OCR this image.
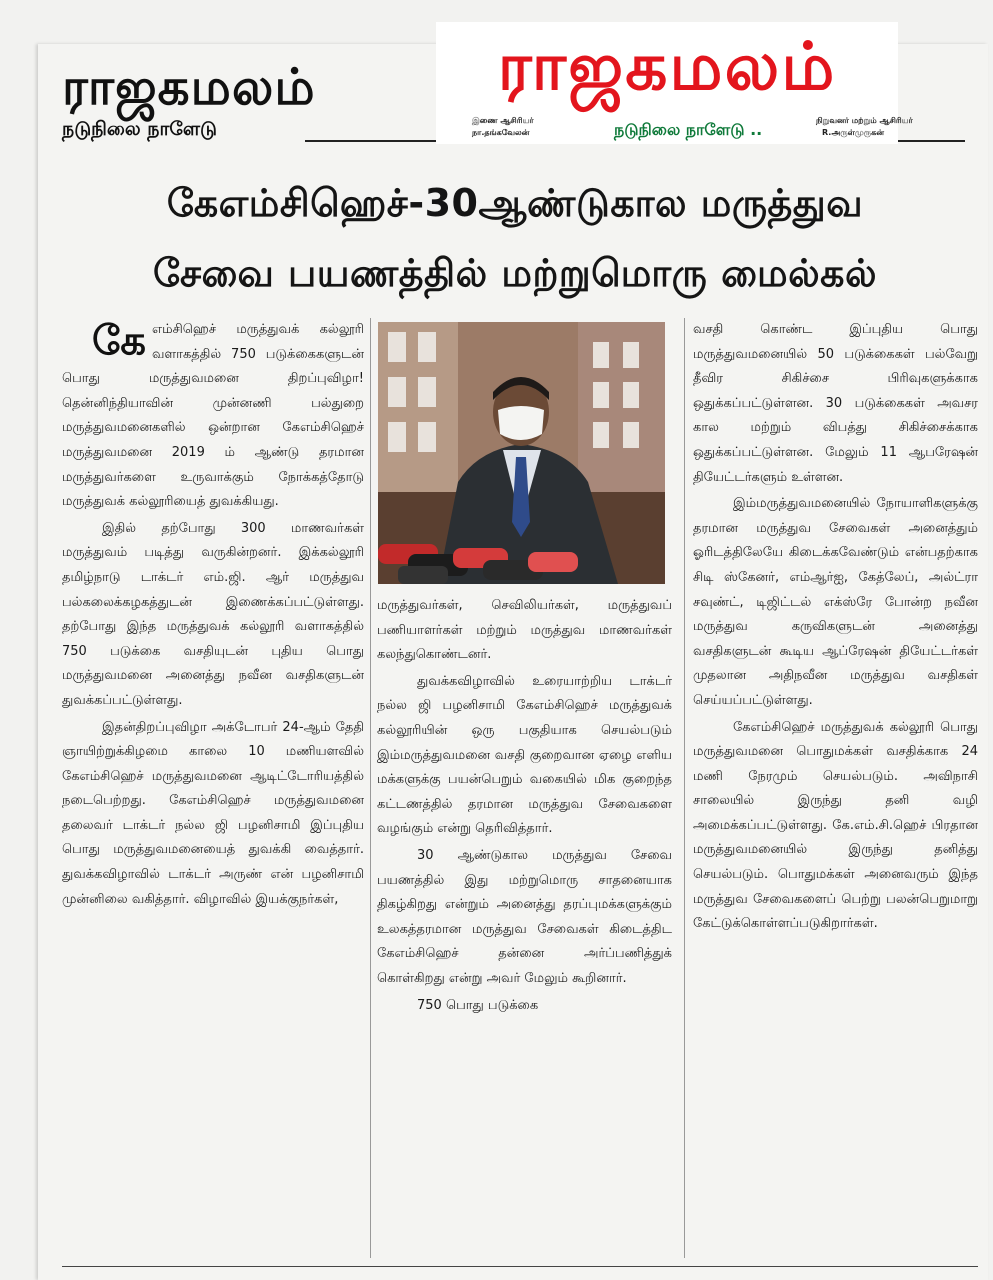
ராஜகமலம்
நடுநிலை நாளேடு
ராஜகமலம்
இணை ஆசிரியர்
நா.தங்கவேலன்	நடுநிலை நாளேடு ..	நிறுவனர் மற்றும் ஆசிரியர்
R.அருள்முருகன்
கேஎம்சிஹெச்-30ஆண்டுகால மருத்துவ
சேவை பயணத்தில் மற்றுமொரு மைல்கல்

கேஎம்சிஹெச் மருத்துவக் கல்லூரி வளாகத்தில் 750 படுக்கைகளுடன் பொது மருத்துவமனை திறப்புவிழா! தென்னிந்தியாவின் முன்னணி பல்துறை மருத்துவமனைகளில் ஒன்றான கேஎம்சிஹெச் மருத்துவமனை 2019 ம் ஆண்டு தரமான மருத்துவர்களை உருவாக்கும் நோக்கத்தோடு மருத்துவக் கல்லூரியைத் துவக்கியது.

இதில் தற்போது 300 மாணவர்கள் மருத்துவம் படித்து வருகின்றனர். இக்கல்லூரி தமிழ்நாடு டாக்டர் எம்.ஜி. ஆர் மருத்துவ பல்கலைக்கழகத்துடன் இணைக்கப்பட்டுள்ளது. தற்போது இந்த மருத்துவக் கல்லூரி வளாகத்தில் 750 படுக்கை வசதியுடன் புதிய பொது மருத்துவமனை அனைத்து நவீன வசதிகளுடன் துவக்கப்பட்டுள்ளது.

இதன்திறப்புவிழா அக்டோபர் 24-ஆம் தேதி ஞாயிற்றுக்கிழமை காலை 10 மணியளவில் கேஎம்சிஹெச் மருத்துவமனை ஆடிட்டோரியத்தில் நடைபெற்றது. கேஎம்சிஹெச் மருத்துவமனை தலைவர் டாக்டர் நல்ல ஜி பழனிசாமி இப்புதிய பொது மருத்துவமனையைத் துவக்கி வைத்தார். துவக்கவிழாவில் டாக்டர் அருண் என் பழனிசாமி முன்னிலை வகித்தார். விழாவில் இயக்குநர்கள்,

மருத்துவர்கள், செவிலியர்கள், மருத்துவப் பணியாளர்கள் மற்றும் மருத்துவ மாணவர்கள் கலந்துகொண்டனர்.

துவக்கவிழாவில் உரையாற்றிய டாக்டர் நல்ல ஜி பழனிசாமி கேஎம்சிஹெச் மருத்துவக் கல்லூரியின் ஒரு பகுதியாக செயல்படும் இம்மருத்துவமனை வசதி குறைவான ஏழை எளிய மக்களுக்கு பயன்பெறும் வகையில் மிக குறைந்த கட்டணத்தில் தரமான மருத்துவ சேவைகளை வழங்கும் என்று தெரிவித்தார்.

30 ஆண்டுகால மருத்துவ சேவை பயணத்தில் இது மற்றுமொரு சாதனையாக திகழ்கிறது என்றும் அனைத்து தரப்புமக்களுக்கும் உலகத்தரமான மருத்துவ சேவைகள் கிடைத்திட கேஎம்சிஹெச் தன்னை அர்ப்பணித்துக் கொள்கிறது என்று அவர் மேலும் கூறினார்.

750 பொது படுக்கை

வசதி கொண்ட இப்புதிய பொது மருத்துவமனையில் 50 படுக்கைகள் பல்வேறு தீவிர சிகிச்சை பிரிவுகளுக்காக ஒதுக்கப்பட்டுள்ளன. 30 படுக்கைகள் அவசர கால மற்றும் விபத்து சிகிச்சைக்காக ஒதுக்கப்பட்டுள்ளன. மேலும் 11 ஆபரேஷன் தியேட்டர்களும் உள்ளன.

இம்மருத்துவமனையில் நோயாளிகளுக்கு தரமான மருத்துவ சேவைகள் அனைத்தும் ஓரிடத்திலேயே கிடைக்கவேண்டும் என்பதற்காக சிடி ஸ்கேனர், எம்ஆர்ஐ, கேத்லேப், அல்ட்ரா சவுண்ட், டிஜிட்டல் எக்ஸ்ரே போன்ற நவீன மருத்துவ கருவிகளுடன் அனைத்து வசதிகளுடன் கூடிய ஆப்ரேஷன் தியேட்டர்கள் முதலான அதிநவீன மருத்துவ வசதிகள் செய்யப்பட்டுள்ளது.

கேஎம்சிஹெச் மருத்துவக் கல்லூரி பொது மருத்துவமனை பொதுமக்கள் வசதிக்காக 24 மணி நேரமும் செயல்படும். அவிநாசி சாலையில் இருந்து தனி வழி அமைக்கப்பட்டுள்ளது. கே.எம்.சி.ஹெச் பிரதான மருத்துவமனையில் இருந்து தனித்து செயல்படும். பொதுமக்கள் அனைவரும் இந்த மருத்துவ சேவைகளைப் பெற்று பலன்பெறுமாறு கேட்டுக்கொள்ளப்படுகிறார்கள்.
